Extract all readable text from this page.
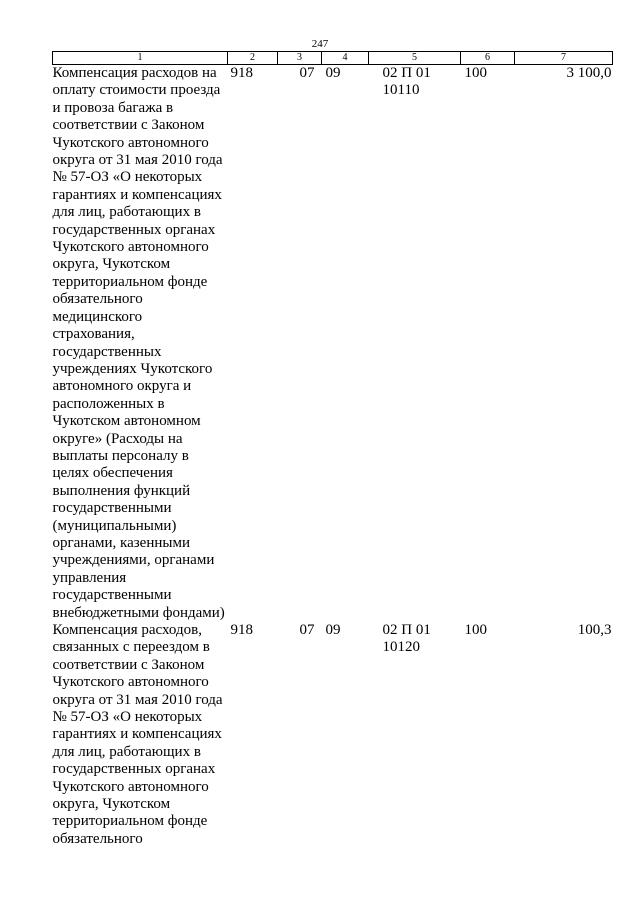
247
1	2	3	4	5	6	7
Компенсация расходов на оплату стоимости проезда и провоза багажа в соответствии с Законом Чукотского автономного округа от 31 мая 2010 года № 57-ОЗ «О некоторых гарантиях и компенсациях для лиц, работающих в государственных органах Чукотского автономного округа, Чукотском территориальном фонде обязательного медицинского страхования, государственных учреждениях Чукотского автономного округа и расположенных в Чукотском автономном округе» (Расходы на выплаты персоналу в целях обеспечения выполнения функций государственными (муниципальными) органами, казенными учреждениями, органами управления государственными внебюджетными фондами)	918	07	09	02 П 01 10110	100	3 100,0
Компенсация расходов, связанных с переездом в соответствии с Законом Чукотского автономного округа от 31 мая 2010 года № 57-ОЗ «О некоторых гарантиях и компенсациях для лиц, работающих в государственных органах Чукотского автономного округа, Чукотском территориальном фонде обязательного	918	07	09	02 П 01 10120	100	100,3
